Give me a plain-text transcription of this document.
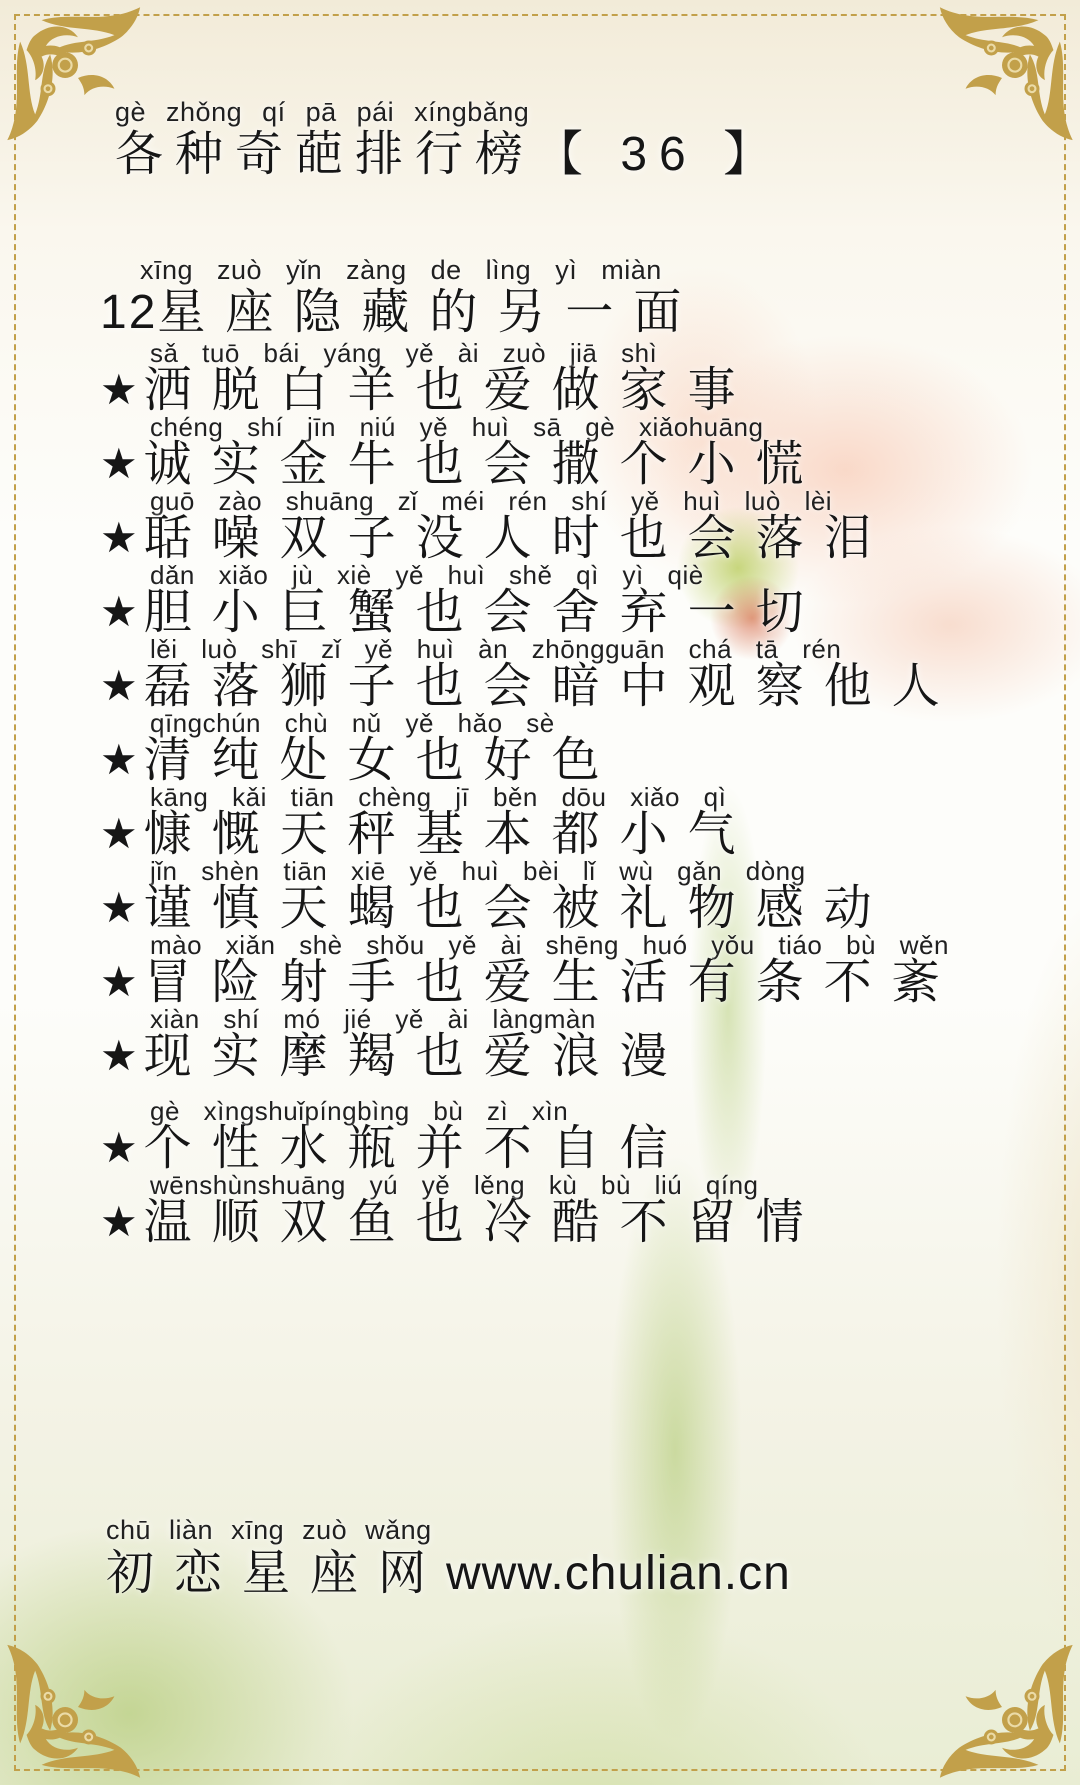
gè zhǒng qí pā pái xíngbǎng
各种奇葩排行榜【 36 】
xīng zuò yǐn zàng de lìng yì miàn
12星座隐藏的另一面
sǎ tuō bái yáng yě ài zuò jiā shì
★ 洒脱白羊也爱做家事
chéng shí jīn niú yě huì sā gè xiǎohuāng
★ 诚实金牛也会撒个小慌
guō zào shuāng zǐ méi rén shí yě huì luò lèi
★ 聒噪双子没人时也会落泪
dǎn xiǎo jù xiè yě huì shě qì yì qiè
★ 胆小巨蟹也会舍弃一切
lěi luò shī zǐ yě huì àn zhōngguān chá tā rén
★ 磊落狮子也会暗中观察他人
qīngchún chù nǔ yě hǎo sè
★ 清纯处女也好色
kāng kǎi tiān chèng jī běn dōu xiǎo qì
★ 慷慨天秤基本都小气
jǐn shèn tiān xiē yě huì bèi lǐ wù gǎn dòng
★ 谨慎天蝎也会被礼物感动
mào xiǎn shè shǒu yě ài shēng huó yǒu tiáo bù wěn
★ 冒险射手也爱生活有条不紊
xiàn shí mó jié yě ài làngmàn
★ 现实摩羯也爱浪漫
gè xìngshuǐpíngbìng bù zì xìn
★ 个性水瓶并不自信
wēnshùnshuāng yú yě lěng kù bù liú qíng
★ 温顺双鱼也冷酷不留情
chū liàn xīng zuò wǎng
初恋星座网www.chulian.cn
